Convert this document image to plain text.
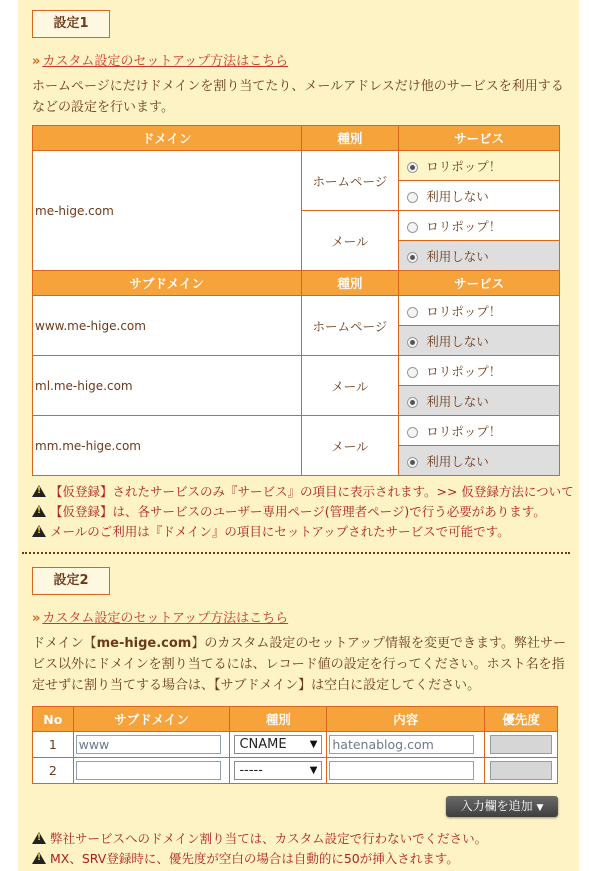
設定1
» カスタム設定のセットアップ方法はこちら
ホームページにだけドメインを割り当てたり、メールアドレスだけ他のサービスを利用するなどの設定を行います。
ドメイン	種別	サービス
me-hige.com	ホームページ	ロリポップ！
		利用しない
	メール	ロリポップ！
		利用しない
サブドメイン	種別	サービス
www.me-hige.com	ホームページ	ロリポップ！
		利用しない
ml.me-hige.com	メール	ロリポップ！
		利用しない
mm.me-hige.com	メール	ロリポップ！
		利用しない
!【仮登録】されたサービスのみ『サービス』の項目に表示されます。>> 仮登録方法について
!【仮登録】は、各サービスのユーザー専用ページ(管理者ページ)で行う必要があります。
!メールのご利用は『ドメイン』の項目にセットアップされたサービスで可能です。
設定2
» カスタム設定のセットアップ方法はこちら
ドメイン【me-hige.com】のカスタム設定のセットアップ情報を変更できます。弊社サービス以外にドメインを割り当てるには、レコード値の設定を行ってください。ホスト名を指定せずに割り当てする場合は、【サブドメイン】は空白に設定してください。
No	サブドメイン	種別	内容	優先度
1	www	CNAME ▼	hatenablog.com	
2		----- ▼		

入力欄を追加 ▼
!弊社サービスへのドメイン割り当ては、カスタム設定で行わないでください。
!MX、SRV登録時に、優先度が空白の場合は自動的に50が挿入されます。
